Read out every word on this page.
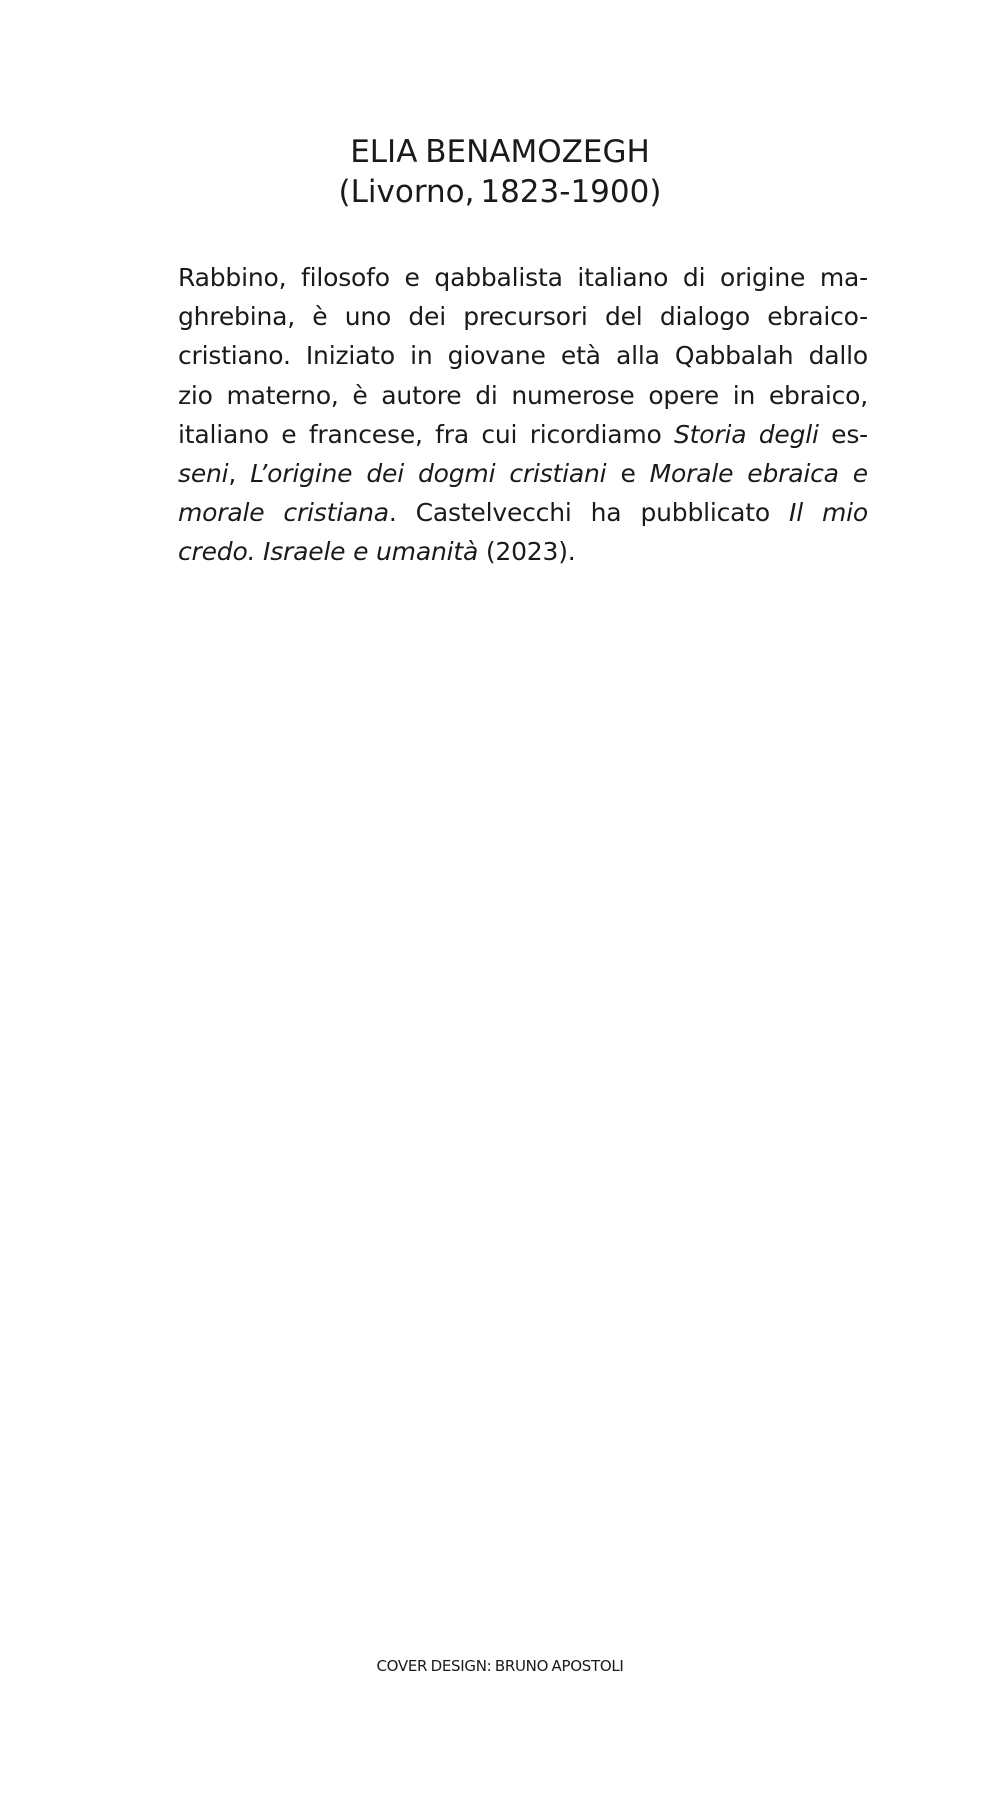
ELIA BENAMOZEGH
(Livorno, 1823-1900)
Rabbino, filosofo e qabbalista italiano di origine ma-
ghrebina, è uno dei precursori del dialogo ebraico-
cristiano. Iniziato in giovane età alla Qabbalah dallo
zio materno, è autore di numerose opere in ebraico,
italiano e francese, fra cui ricordiamo Storia degli es-
seni, L’origine dei dogmi cristiani e Morale ebraica e
morale cristiana. Castelvecchi ha pubblicato Il mio
credo. Israele e umanità (2023).
COVER DESIGN: BRUNO APOSTOLI
